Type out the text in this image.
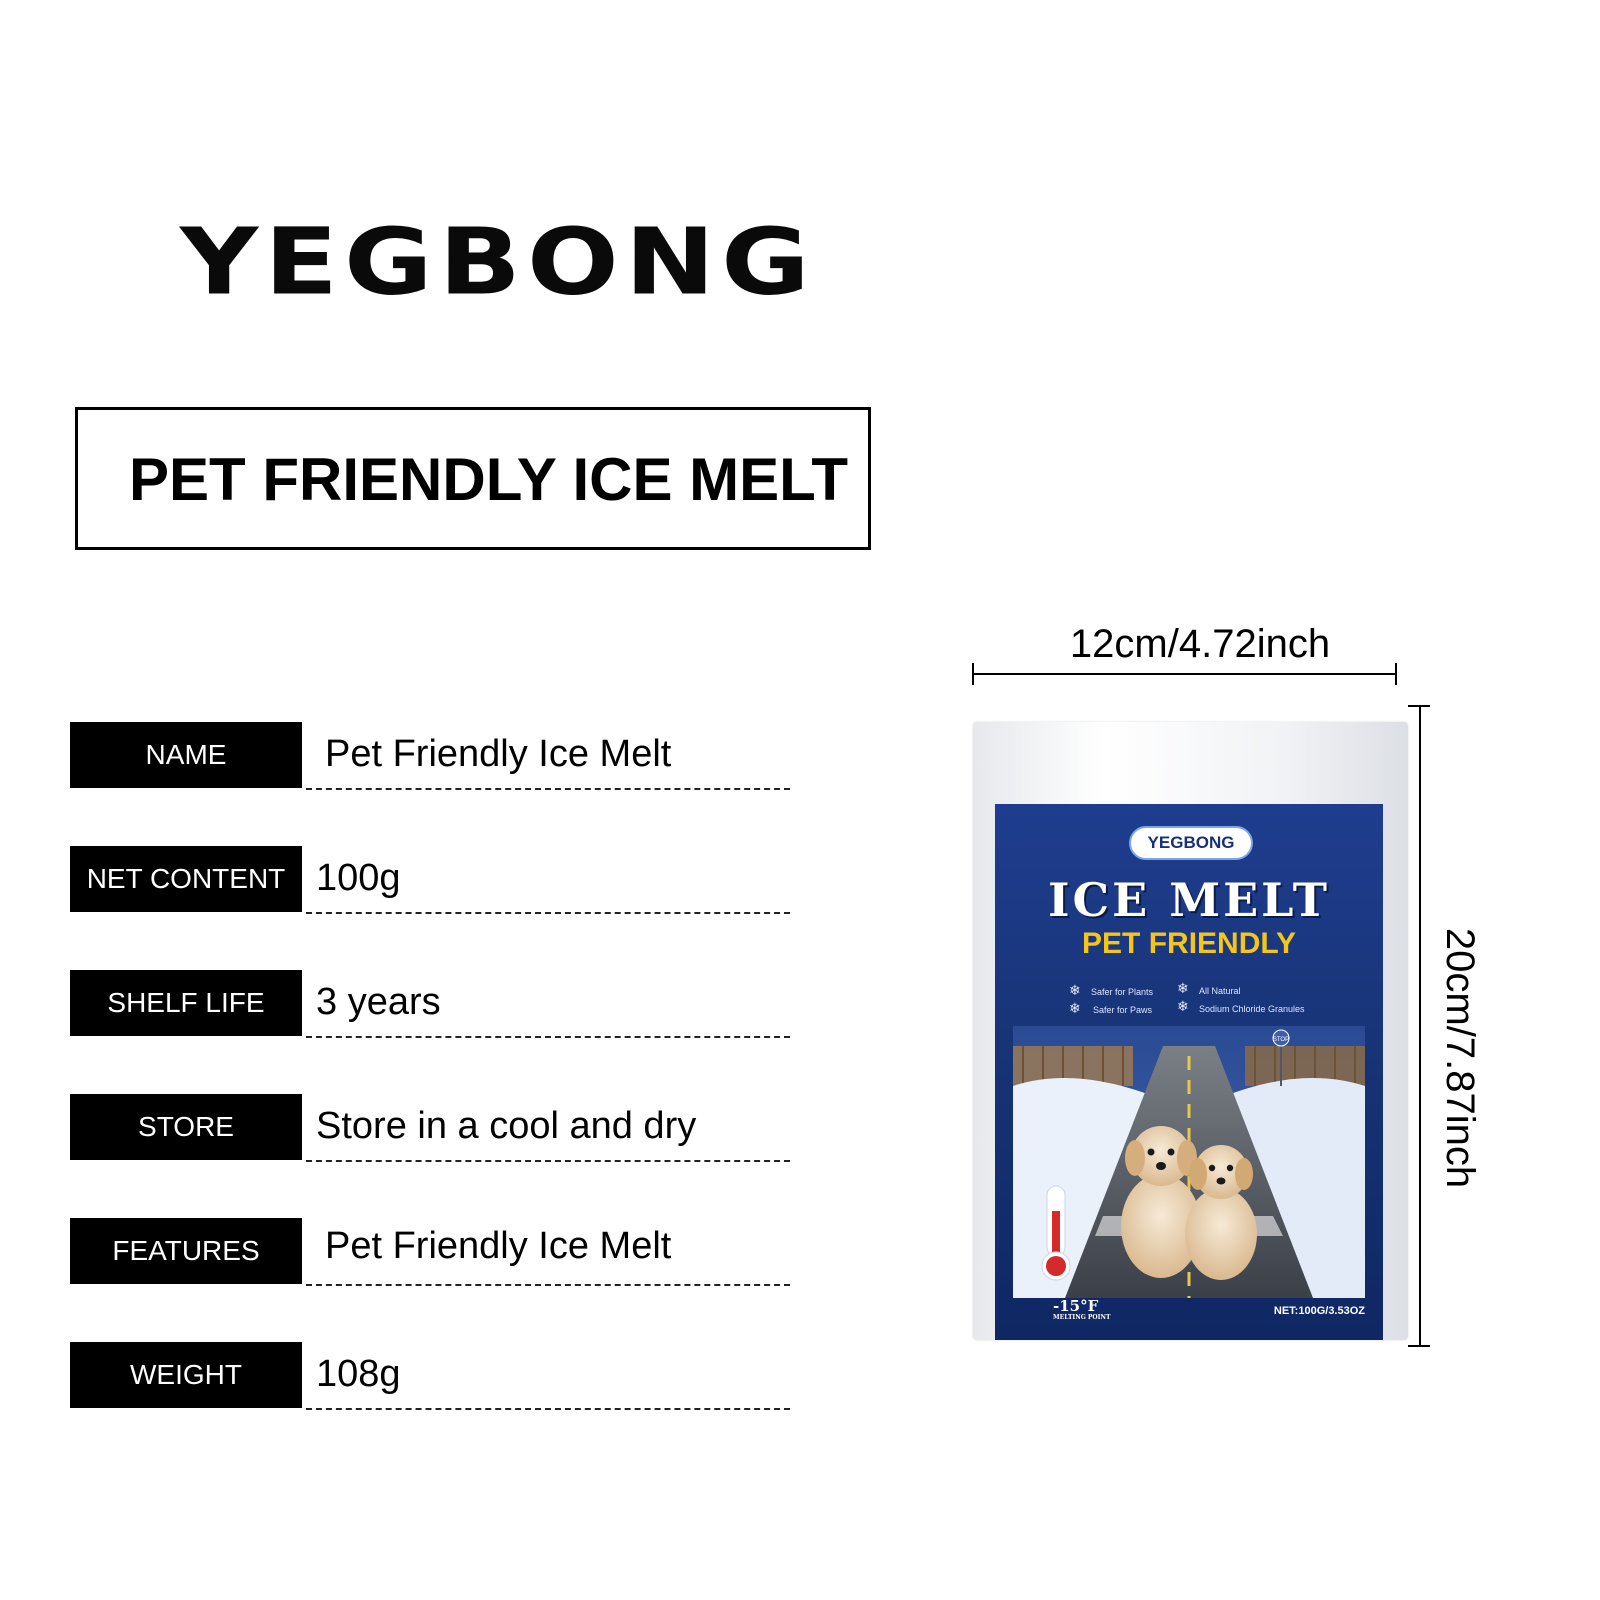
YEGBONG
PET FRIENDLY ICE MELT
NAME	Pet Friendly Ice Melt
NET CONTENT 100g
SHELF LIFE	3 years
STORE	Store in a cool and dry
FEATURES	Pet Friendly Ice Melt
WEIGHT	108g
12cm/4.72inch
20cm/7.87inch
YEGBONG
ICE MELT
PET FRIENDLY
❄ Safer for Plants ❄ All Natural
❄ Safer for Paws ❄ Sodium Chloride Granules
STOP
-15°F
MELTING POINT
NET:100G/3.53OZ
